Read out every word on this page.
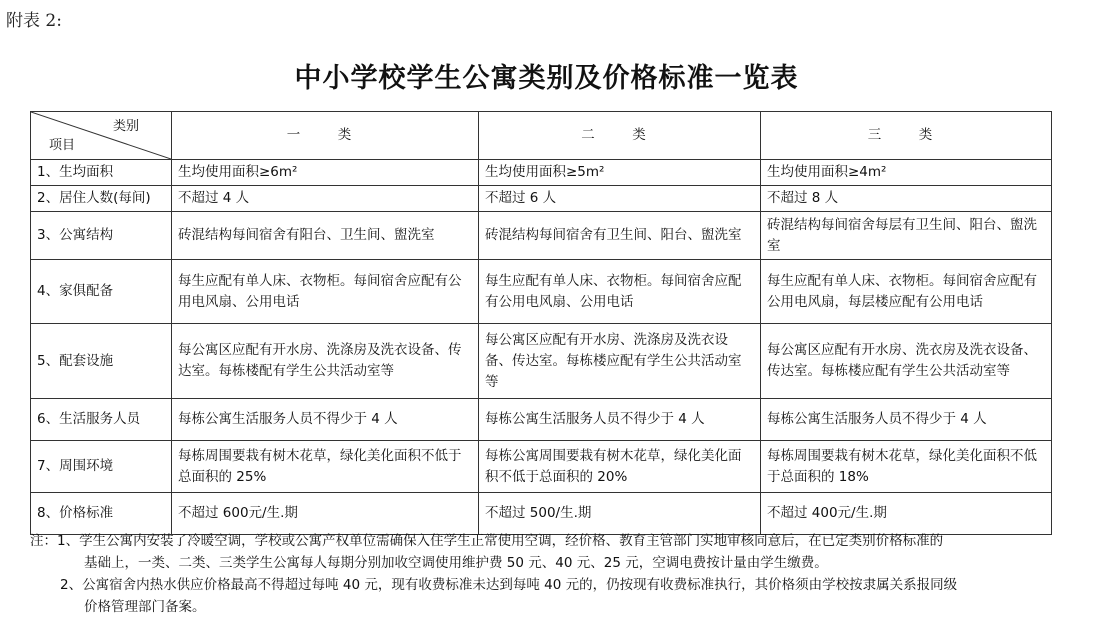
附表 2:
中小学校学生公寓类别及价格标准一览表
类别
项目	一　类	二　类	三　类
1、生均面积	生均使用面积≥6m²	生均使用面积≥5m²	生均使用面积≥4m²
2、居住人数(每间)	不超过 4 人	不超过 6 人	不超过 8 人
3、公寓结构	砖混结构每间宿舍有阳台、卫生间、盥洗室	砖混结构每间宿舍有卫生间、阳台、盥洗室	砖混结构每间宿舍每层有卫生间、阳台、盥洗室
4、家俱配备	每生应配有单人床、衣物柜。每间宿舍应配有公用电风扇、公用电话	每生应配有单人床、衣物柜。每间宿舍应配有公用电风扇、公用电话	每生应配有单人床、衣物柜。每间宿舍应配有公用电风扇，每层楼应配有公用电话
5、配套设施	每公寓区应配有开水房、洗涤房及洗衣设备、传达室。每栋楼配有学生公共活动室等	每公寓区应配有开水房、洗涤房及洗衣设备、传达室。每栋楼应配有学生公共活动室等	每公寓区应配有开水房、洗衣房及洗衣设备、传达室。每栋楼应配有学生公共活动室等
6、生活服务人员	每栋公寓生活服务人员不得少于 4 人	每栋公寓生活服务人员不得少于 4 人	每栋公寓生活服务人员不得少于 4 人
7、周围环境	每栋周围要栽有树木花草，绿化美化面积不低于总面积的 25%	每栋公寓周围要栽有树木花草，绿化美化面积不低于总面积的 20%	每栋周围要栽有树木花草，绿化美化面积不低于总面积的 18%
8、价格标准	不超过 600元/生.期	不超过 500/生.期	不超过 400元/生.期
注：1、学生公寓内安装了冷暖空调，学校或公寓产权单位需确保入住学生正常使用空调，经价格、教育主管部门实地审核同意后，在已定类别价格标准的
基础上，一类、二类、三类学生公寓每人每期分别加收空调使用维护费 50 元、40 元、25 元，空调电费按计量由学生缴费。
2、公寓宿舍内热水供应价格最高不得超过每吨 40 元，现有收费标准未达到每吨 40 元的，仍按现有收费标准执行，其价格须由学校按隶属关系报同级
价格管理部门备案。
